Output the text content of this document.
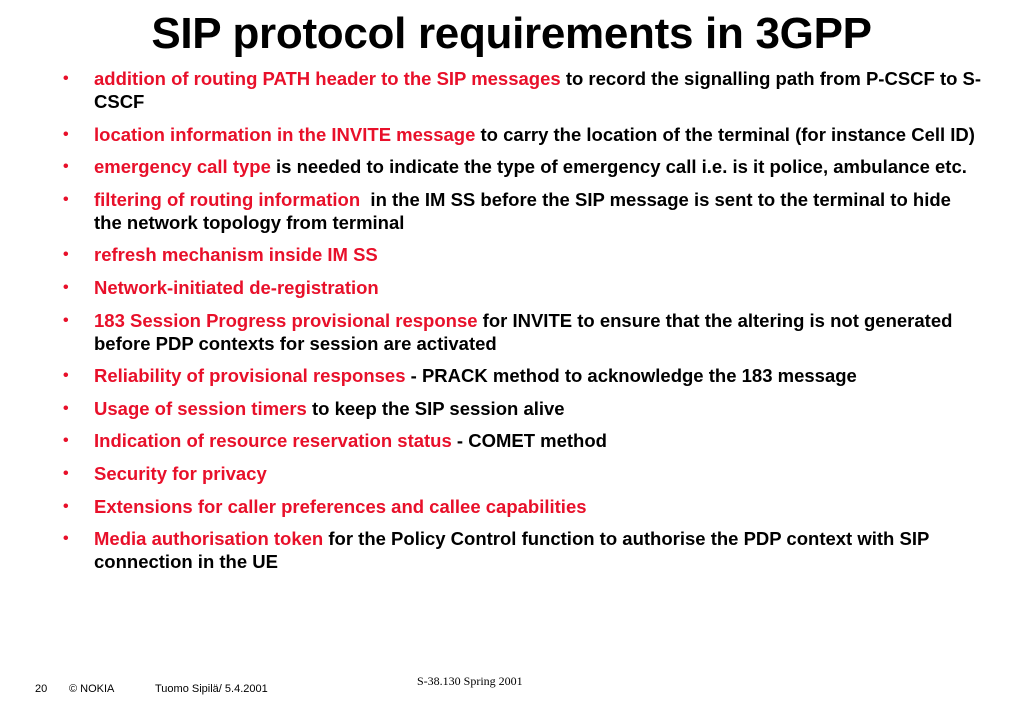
SIP protocol requirements in 3GPP
• addition of routing PATH header to the SIP messages to record the signalling path from P-CSCF to S-CSCF
• location information in the INVITE message to carry the location of the terminal (for instance Cell ID)
• emergency call type is needed to indicate the type of emergency call i.e. is it police, ambulance etc.
• filtering of routing information  in the IM SS before the SIP message is sent to the terminal to hide the network topology from terminal
• refresh mechanism inside IM SS
• Network-initiated de-registration
• 183 Session Progress provisional response for INVITE to ensure that the altering is not generated before PDP contexts for session are activated
• Reliability of provisional responses - PRACK method to acknowledge the 183 message
• Usage of session timers to keep the SIP session alive
• Indication of resource reservation status - COMET method
• Security for privacy
• Extensions for caller preferences and callee capabilities
• Media authorisation token for the Policy Control function to authorise the PDP context with SIP connection in the UE
20 © NOKIA	Tuomo Sipilä/ 5.4.2001
S-38.130 Spring 2001
